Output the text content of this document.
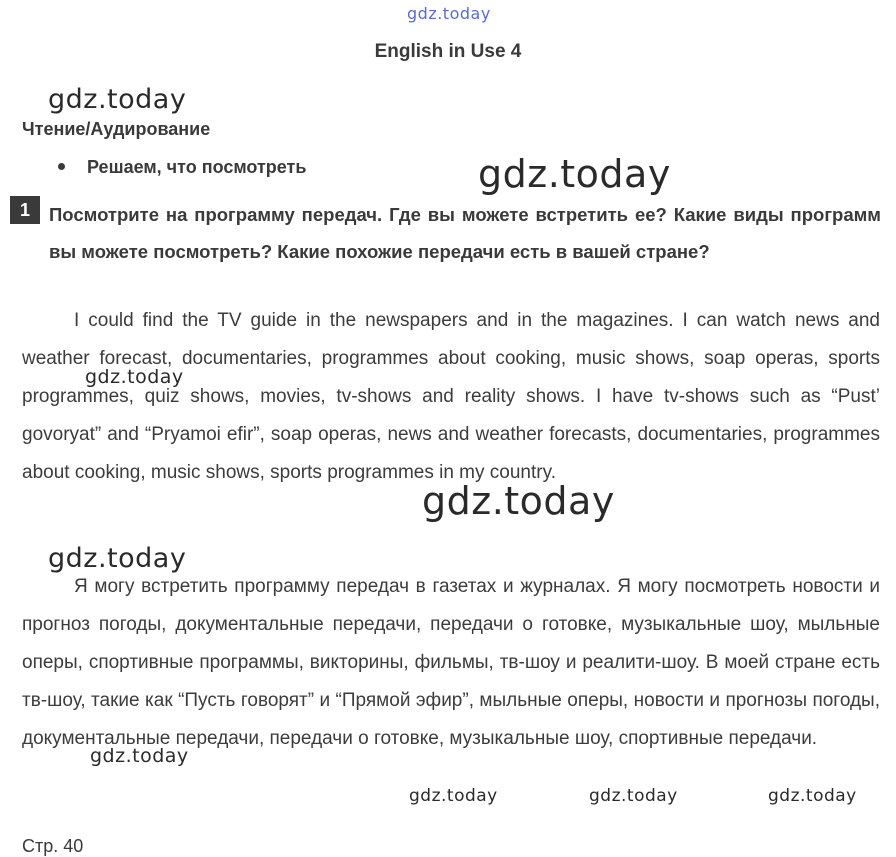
gdz.today
English in Use 4
gdz.today
Чтение/Аудирование
Решаем, что посмотреть
1	Посмотрите на программу передач. Где вы можете встретить ее? Какие виды программ вы можете посмотреть? Какие похожие передачи есть в вашей стране?
I could find the TV guide in the newspapers and in the magazines. I can watch news and weather forecast, documentaries, programmes about cooking, music shows, soap operas, sports programmes, quiz shows, movies, tv-shows and reality shows. I have tv-shows such as “Pust’ govoryat” and “Pryamoi efir”, soap operas, news and weather forecasts, documentaries, programmes about cooking, music shows, sports programmes in my country.
Я могу встретить программу передач в газетах и журналах. Я могу посмотреть новости и прогноз погоды, документальные передачи, передачи о готовке, музыкальные шоу, мыльные оперы, спортивные программы, викторины, фильмы, тв-шоу и реалити-шоу. В моей стране есть тв-шоу, такие как “Пусть говорят” и “Прямой эфир”, мыльные оперы, новости и прогнозы погоды, документальные передачи, передачи о готовке, музыкальные шоу, спортивные передачи.
Стр. 40
gdz.today
gdz.today
gdz.today
gdz.today
gdz.today
gdz.today	gdz.today	gdz.today
